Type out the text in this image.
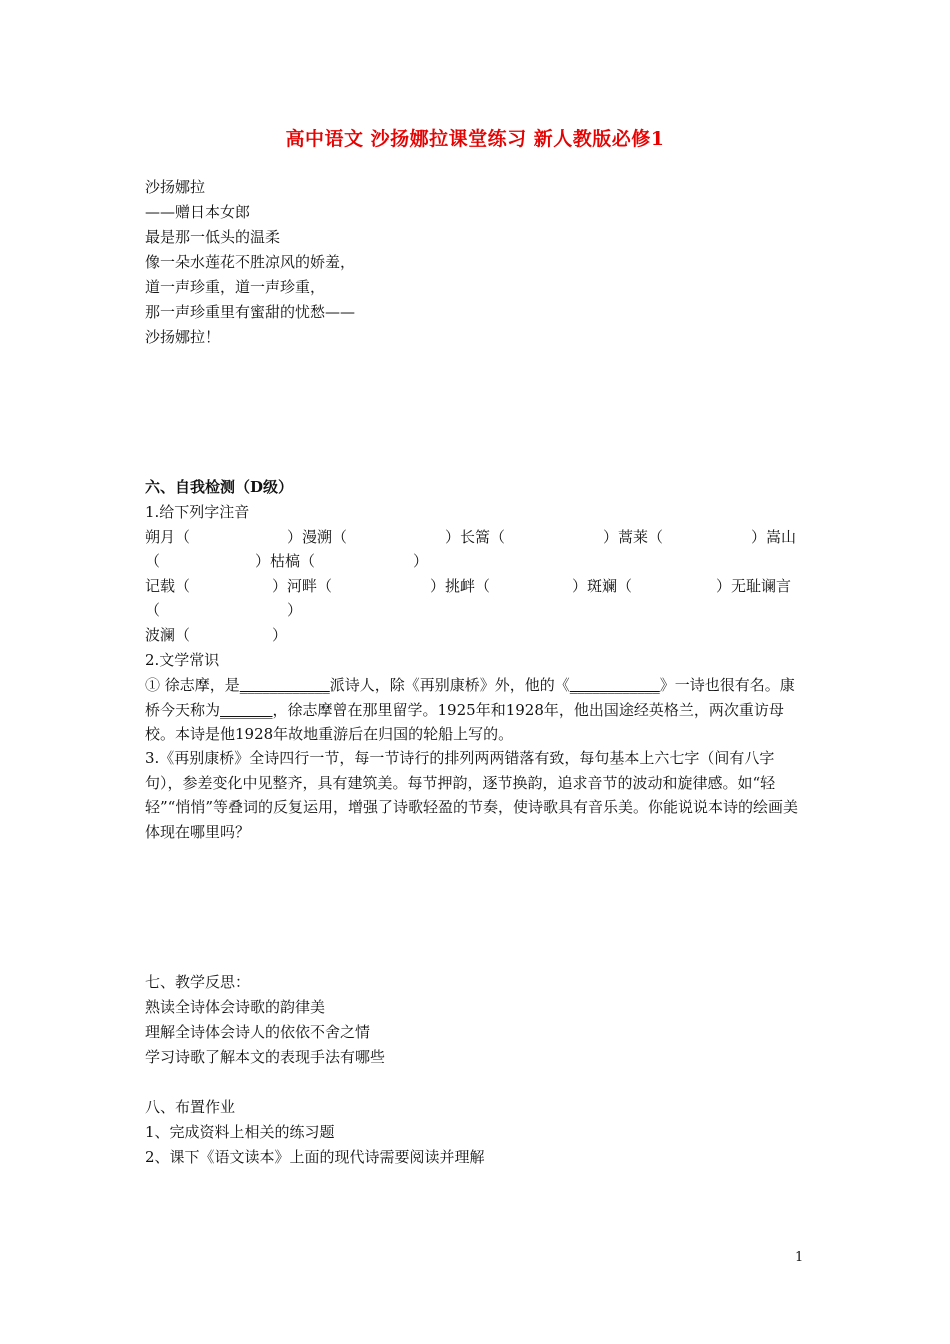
高中语文 沙扬娜拉课堂练习 新人教版必修1
沙扬娜拉
——赠日本女郎
最是那一低头的温柔
像一朵水莲花不胜凉风的娇羞，
道一声珍重，道一声珍重，
那一声珍重里有蜜甜的忧愁——
沙扬娜拉！
六、自我检测（D级）
1.给下列字注音
朔月（	）漫溯（	）长篙（	）蒿莱（	）嵩山
（	）枯槁（	）
记载（	）河畔（	）挑衅（	）斑斓（	）无耻谰言
（	）
波澜（	）
2.文学常识
① 徐志摩，是____________派诗人，除《再别康桥》外，他的《____________》一诗也很有名。康桥今天称为_______，徐志摩曾在那里留学。1925年和1928年，他出国途经英格兰，两次重访母校。本诗是他1928年故地重游后在归国的轮船上写的。
3.《再别康桥》全诗四行一节，每一节诗行的排列两两错落有致，每句基本上六七字（间有八字句），参差变化中见整齐，具有建筑美。每节押韵，逐节换韵，追求音节的波动和旋律感。如“轻轻”“悄悄”等叠词的反复运用，增强了诗歌轻盈的节奏，使诗歌具有音乐美。你能说说本诗的绘画美体现在哪里吗？
七、教学反思：
熟读全诗体会诗歌的韵律美
理解全诗体会诗人的依依不舍之情
学习诗歌了解本文的表现手法有哪些
八、布置作业
1、完成资料上相关的练习题
2、课下《语文读本》上面的现代诗需要阅读并理解
1
